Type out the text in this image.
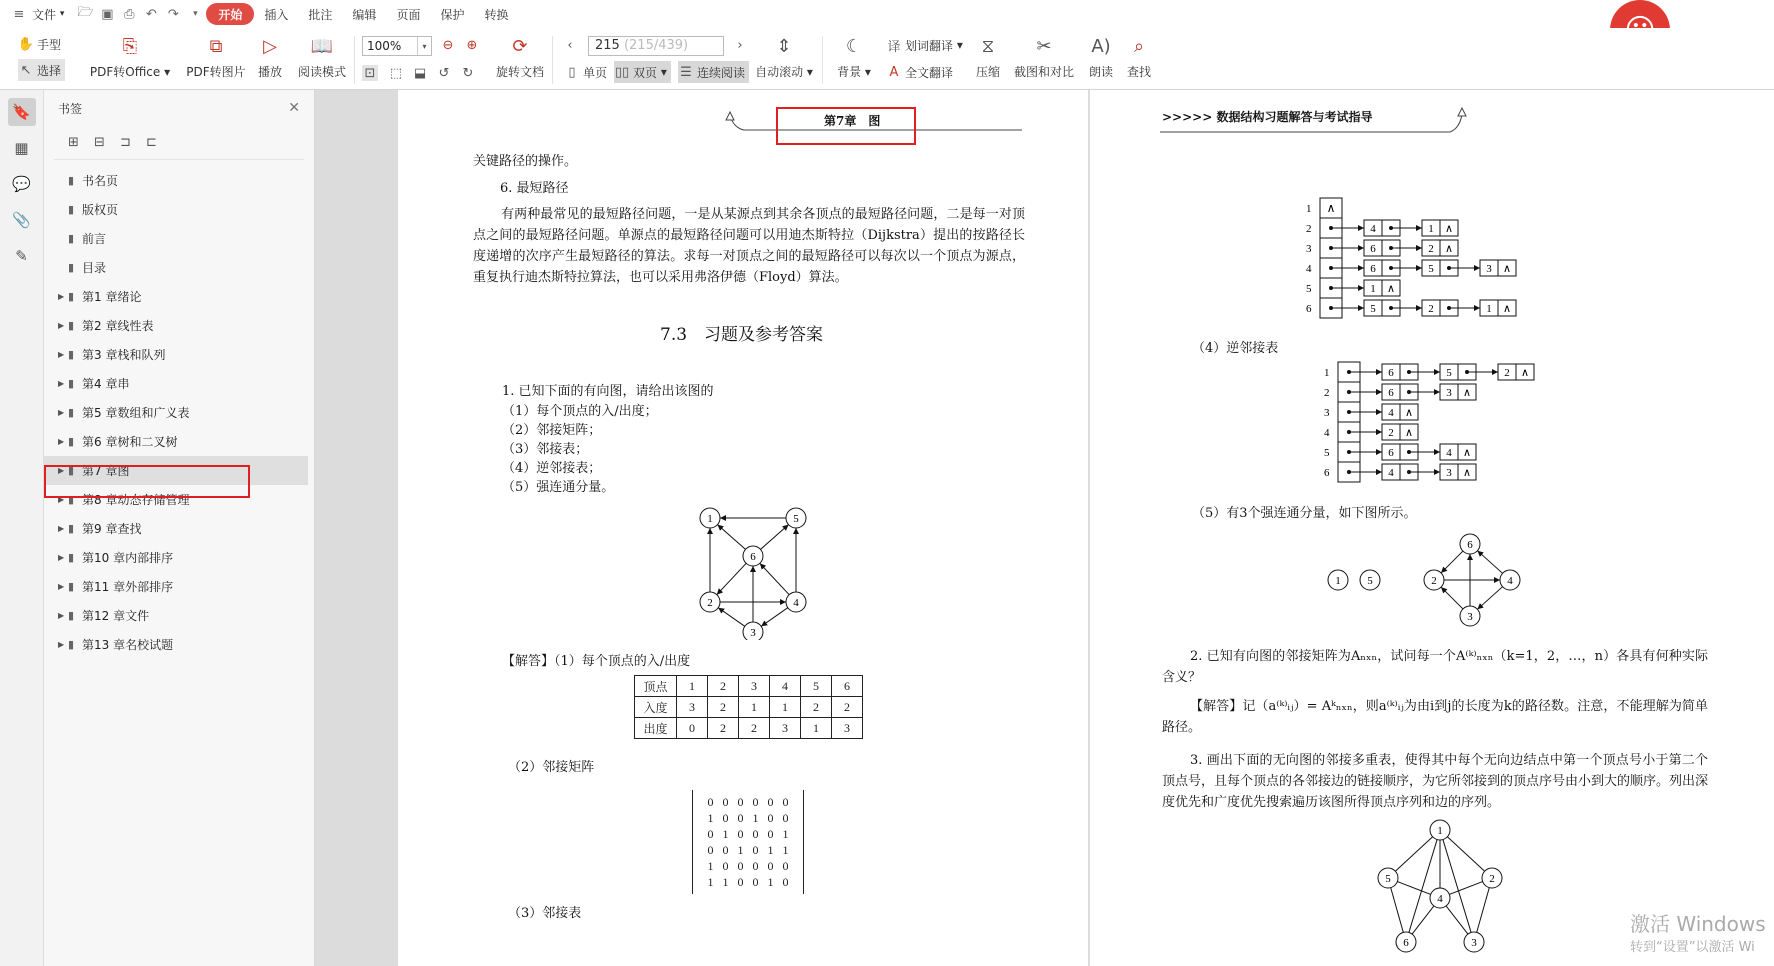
≡ 文件
▾ 🗁 ▣ ⎙ ↶ ↷	▾	开始	插入	批注	编辑	页面	保护	转换
✋ 手型
↖ 选择
⎘
PDF转Office ▾
⧉
PDF转图片
▷
播放
📖
阅读模式
100%	▾	⊖ ⊕
⊡ ⬚ ⬓ ↺ ↻
⟳
旋转文档
‹	215 (215/439)	›
▯ 单页 ▯▯ 双页 ▾	☰ 连续阅读
⇕
自动滚动 ▾
☾
背景 ▾
译 划词翻译 ▾
A 全文翻译
⧖
压缩
✂
截图和对比
A)
朗读
⌕
查找
🔖
▦
💬
📎
✎
书签	✕
⊞	⊟	⊐	⊏
▮ 书名页
▮ 版权页
▮ 前言
▮ 目录
▶ ▮ 第1 章绪论
▶ ▮ 第2 章线性表
▶ ▮ 第3 章栈和队列
▶ ▮ 第4 章串
▶ ▮ 第5 章数组和广义表
▶ ▮ 第6 章树和二叉树
▶ ▮ 第7 章图
▶ ▮ 第8 章动态存储管理
▶ ▮ 第9 章查找
▶ ▮ 第10 章内部排序
▶ ▮ 第11 章外部排序
▶ ▮ 第12 章文件
▶ ▮ 第13 章名校试题
第7章　图
关键路径的操作。
6. 最短路径
有两种最常见的最短路径问题，一是从某源点到其余各顶点的最短路径问题，二是每一对顶点之间的最短路径问题。单源点的最短路径问题可以用迪杰斯特拉（Dijkstra）提出的按路径长度递增的次序产生最短路径的算法。求每一对顶点之间的最短路径可以每次以一个顶点为源点，重复执行迪杰斯特拉算法，也可以采用弗洛伊德（Floyd）算法。
7.3　习题及参考答案
1. 已知下面的有向图，请给出该图的
（1）每个顶点的入/出度；
（2）邻接矩阵；
（3）邻接表；
（4）逆邻接表；
（5）强连通分量。
1
2
3
4
5
6
【解答】（1）每个顶点的入/出度
顶点	1	2	3	4	5	6
入度	3	2	1	1	2	2
出度	0	2	2	3	1	3
（2）邻接矩阵
0 0 0 0 0 0
1 0 0 1 0 0
0 1 0 0 0 1
0 0 1 0 1 1
1 0 0 0 0 0
1 1 0 0 1 0
（3）邻接表
>>>>> 数据结构习题解答与考试指导
1 ∧
2	4	1 ∧
3	6	2 ∧
4	6	5	3 ∧
5	1 ∧
6	5	2	1 ∧
（4）逆邻接表
1	6	5	2 ∧
2	6	3 ∧
3	4 ∧
4	2 ∧
5	6	4 ∧
6	4	3 ∧
（5）有3个强连通分量，如下图所示。
1	2
3
4
5
6
2. 已知有向图的邻接矩阵为Aₙₓₙ，试问每一个A⁽ᵏ⁾ₙₓₙ（k=1，2，…，n）各具有何种实际含义？
【解答】记（a⁽ᵏ⁾ᵢⱼ）= Aᵏₙₓₙ，则a⁽ᵏ⁾ᵢⱼ为由i到j的长度为k的路径数。注意，不能理解为简单路径。
3. 画出下面的无向图的邻接多重表，使得其中每个无向边结点中第一个顶点号小于第二个顶点号，且每个顶点的各邻接边的链接顺序，为它所邻接到的顶点序号由小到大的顺序。列出深度优先和广度优先搜索遍历该图所得顶点序列和边的序列。
1
2
3
4
5
6
激活 Windows
转到“设置”以激活 Wi
